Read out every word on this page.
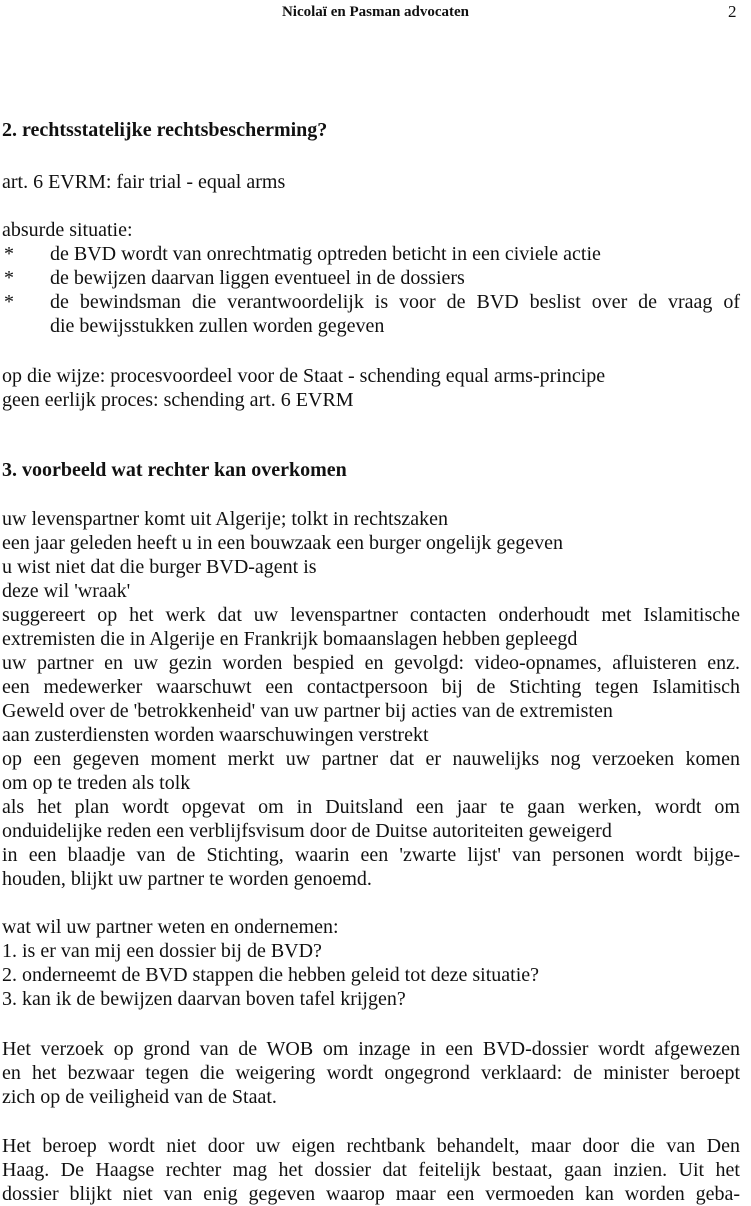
Nicolaï en Pasman advocaten	2

2. rechtsstatelijke rechtsbescherming?

art. 6 EVRM: fair trial - equal arms

absurde situatie:

* de BVD wordt van onrechtmatig optreden beticht in een civiele actie

* de bewijzen daarvan liggen eventueel in de dossiers

* de bewindsman die verantwoordelijk is voor de BVD beslist over de vraag of

die bewijsstukken zullen worden gegeven

op die wijze: procesvoordeel voor de Staat - schending equal arms-principe

geen eerlijk proces: schending art. 6 EVRM

3. voorbeeld wat rechter kan overkomen

uw levenspartner komt uit Algerije; tolkt in rechtszaken

een jaar geleden heeft u in een bouwzaak een burger ongelijk gegeven

u wist niet dat die burger BVD-agent is

deze wil 'wraak'

suggereert op het werk dat uw levenspartner contacten onderhoudt met Islamitische

extremisten die in Algerije en Frankrijk bomaanslagen hebben gepleegd

uw partner en uw gezin worden bespied en gevolgd: video-opnames, afluisteren enz.

een medewerker waarschuwt een contactpersoon bij de Stichting tegen Islamitisch

Geweld over de 'betrokkenheid' van uw partner bij acties van de extremisten

aan zusterdiensten worden waarschuwingen verstrekt

op een gegeven moment merkt uw partner dat er nauwelijks nog verzoeken komen

om op te treden als tolk

als het plan wordt opgevat om in Duitsland een jaar te gaan werken, wordt om

onduidelijke reden een verblijfsvisum door de Duitse autoriteiten geweigerd

in een blaadje van de Stichting, waarin een 'zwarte lijst' van personen wordt bijge-

houden, blijkt uw partner te worden genoemd.

wat wil uw partner weten en ondernemen:

1. is er van mij een dossier bij de BVD?

2. onderneemt de BVD stappen die hebben geleid tot deze situatie?

3. kan ik de bewijzen daarvan boven tafel krijgen?

Het verzoek op grond van de WOB om inzage in een BVD-dossier wordt afgewezen

en het bezwaar tegen die weigering wordt ongegrond verklaard: de minister beroept

zich op de veiligheid van de Staat.

Het beroep wordt niet door uw eigen rechtbank behandelt, maar door die van Den

Haag. De Haagse rechter mag het dossier dat feitelijk bestaat, gaan inzien. Uit het

dossier blijkt niet van enig gegeven waarop maar een vermoeden kan worden geba-
